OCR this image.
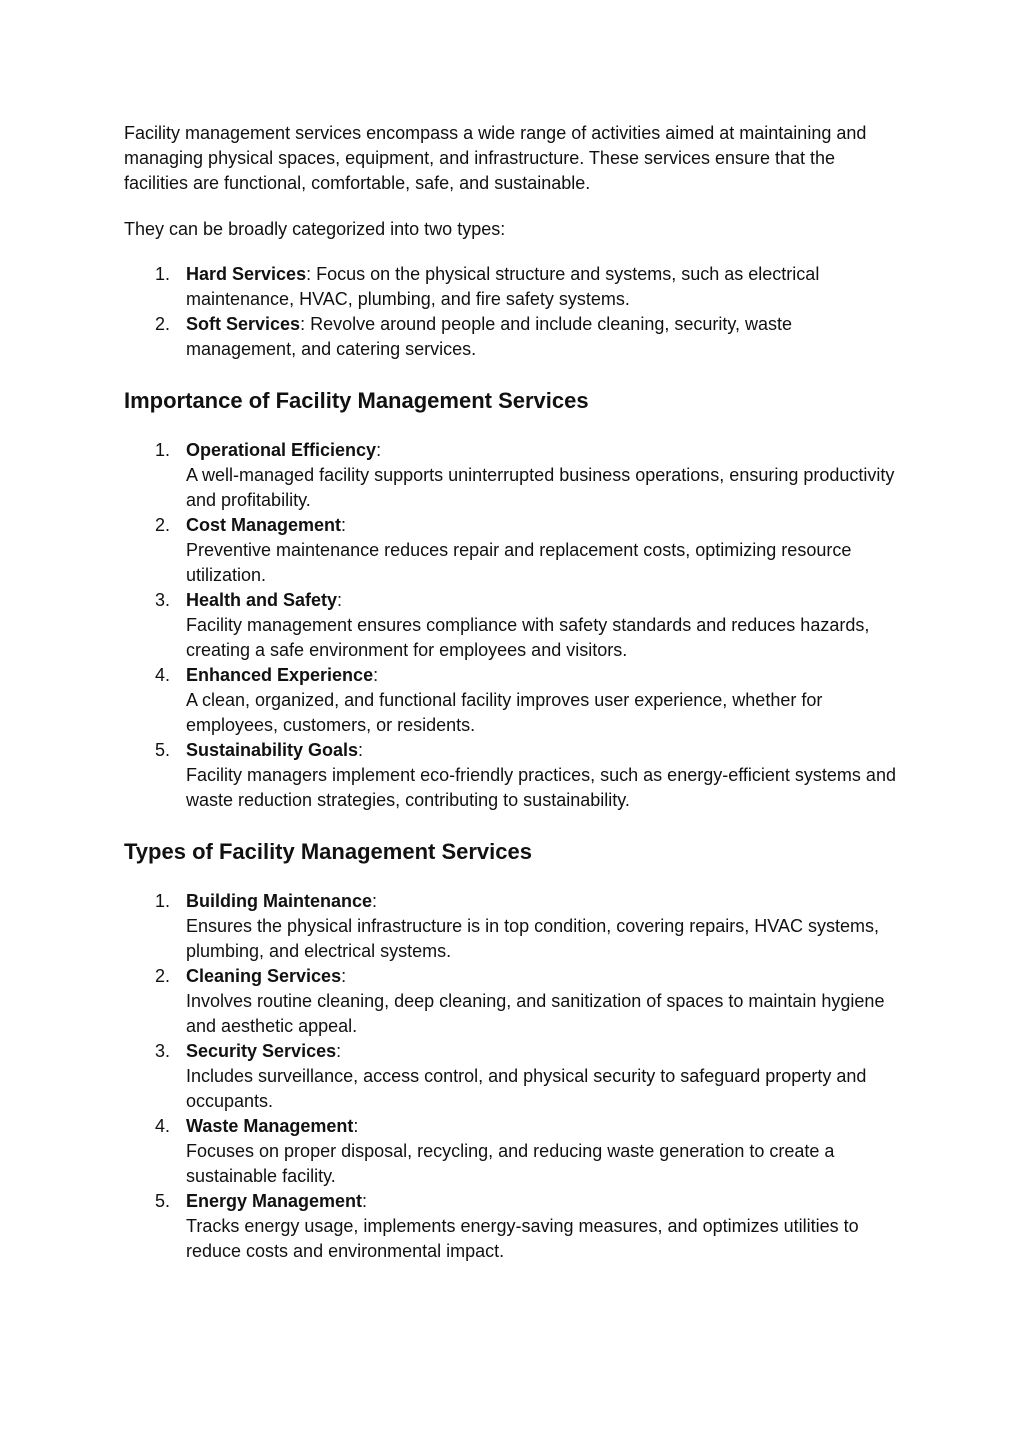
Facility management services encompass a wide range of activities aimed at maintaining and managing physical spaces, equipment, and infrastructure. These services ensure that the facilities are functional, comfortable, safe, and sustainable.

They can be broadly categorized into two types:

1. Hard Services: Focus on the physical structure and systems, such as electrical maintenance, HVAC, plumbing, and fire safety systems.
2. Soft Services: Revolve around people and include cleaning, security, waste management, and catering services.
Importance of Facility Management Services
1. Operational Efficiency:
A well-managed facility supports uninterrupted business operations, ensuring productivity and profitability.
2. Cost Management:
Preventive maintenance reduces repair and replacement costs, optimizing resource utilization.
3. Health and Safety:
Facility management ensures compliance with safety standards and reduces hazards, creating a safe environment for employees and visitors.
4. Enhanced Experience:
A clean, organized, and functional facility improves user experience, whether for employees, customers, or residents.
5. Sustainability Goals:
Facility managers implement eco-friendly practices, such as energy-efficient systems and waste reduction strategies, contributing to sustainability.
Types of Facility Management Services
1. Building Maintenance:
Ensures the physical infrastructure is in top condition, covering repairs, HVAC systems, plumbing, and electrical systems.
2. Cleaning Services:
Involves routine cleaning, deep cleaning, and sanitization of spaces to maintain hygiene and aesthetic appeal.
3. Security Services:
Includes surveillance, access control, and physical security to safeguard property and occupants.
4. Waste Management:
Focuses on proper disposal, recycling, and reducing waste generation to create a sustainable facility.
5. Energy Management:
Tracks energy usage, implements energy-saving measures, and optimizes utilities to reduce costs and environmental impact.
